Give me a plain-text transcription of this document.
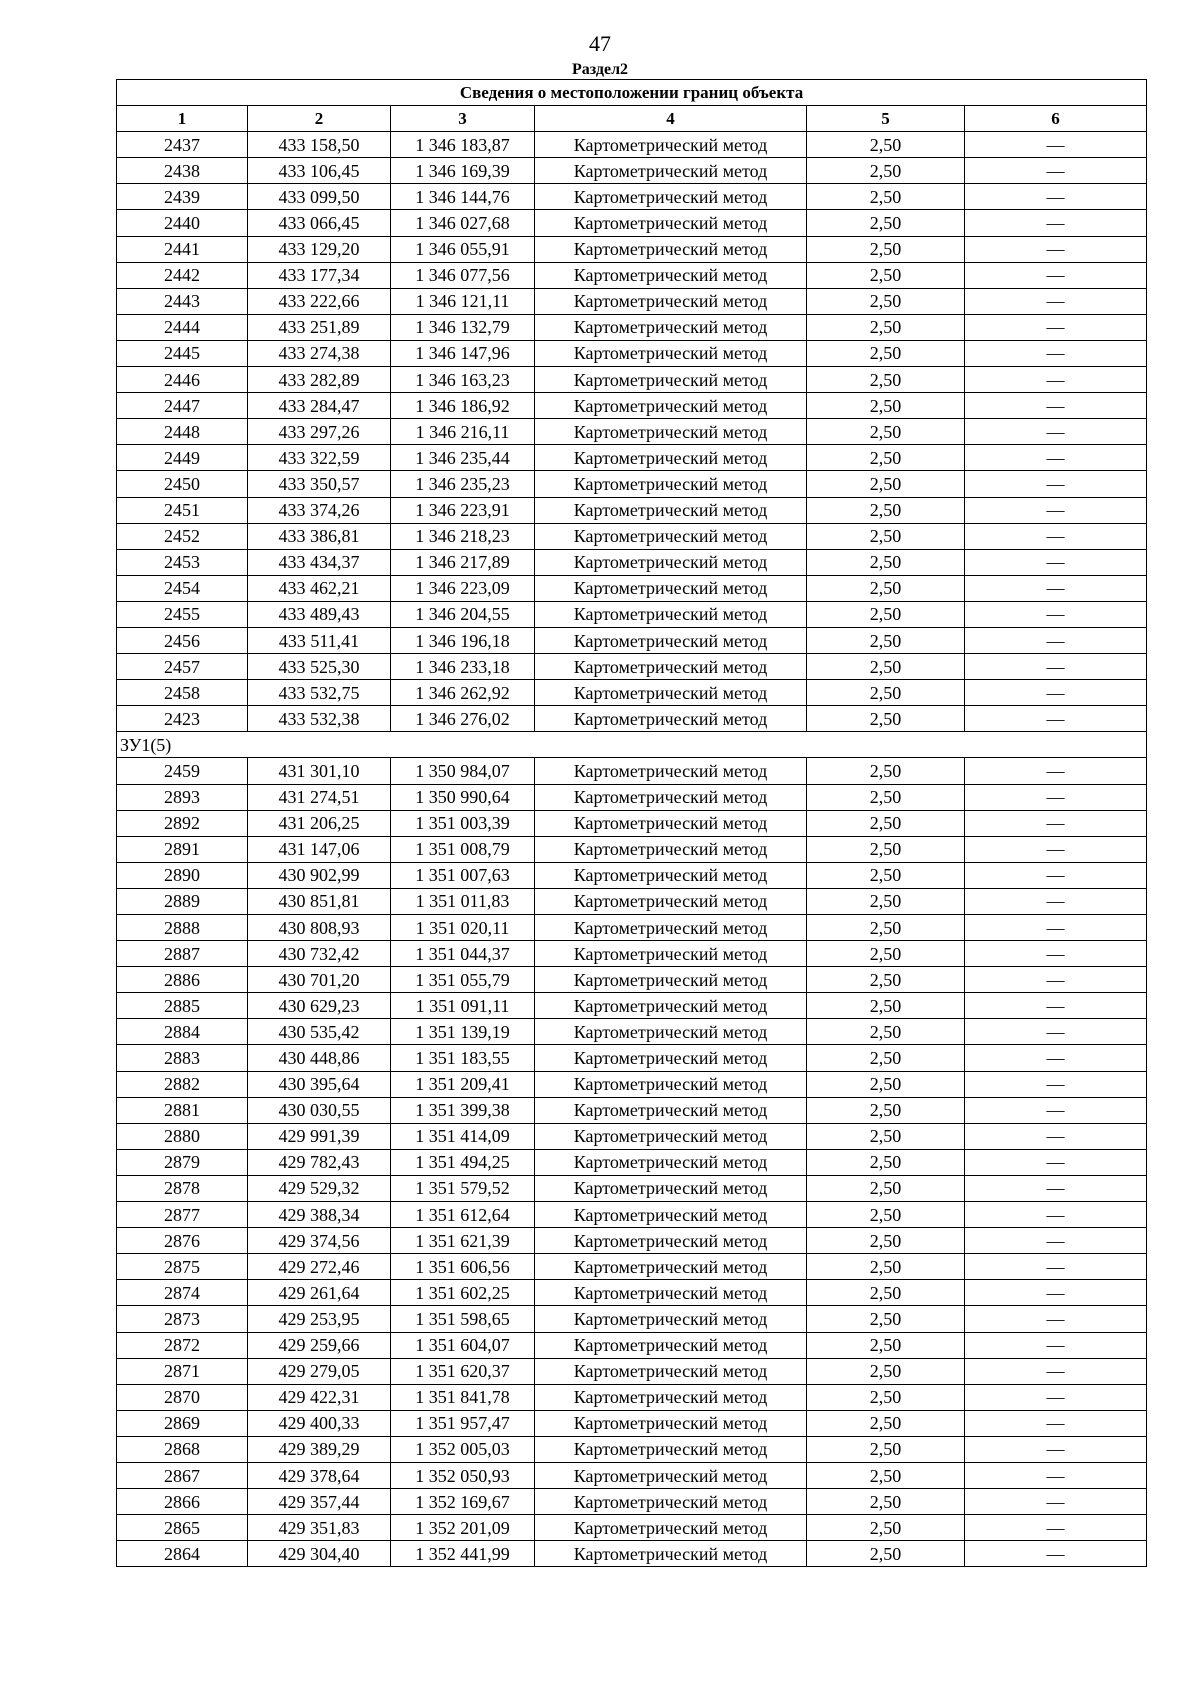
47
Раздел2
Сведения о местоположении границ объекта					
1	2	3	4	5	6
2437	433 158,50	1 346 183,87	Картометрический метод	2,50	—
2438	433 106,45	1 346 169,39	Картометрический метод	2,50	—
2439	433 099,50	1 346 144,76	Картометрический метод	2,50	—
2440	433 066,45	1 346 027,68	Картометрический метод	2,50	—
2441	433 129,20	1 346 055,91	Картометрический метод	2,50	—
2442	433 177,34	1 346 077,56	Картометрический метод	2,50	—
2443	433 222,66	1 346 121,11	Картометрический метод	2,50	—
2444	433 251,89	1 346 132,79	Картометрический метод	2,50	—
2445	433 274,38	1 346 147,96	Картометрический метод	2,50	—
2446	433 282,89	1 346 163,23	Картометрический метод	2,50	—
2447	433 284,47	1 346 186,92	Картометрический метод	2,50	—
2448	433 297,26	1 346 216,11	Картометрический метод	2,50	—
2449	433 322,59	1 346 235,44	Картометрический метод	2,50	—
2450	433 350,57	1 346 235,23	Картометрический метод	2,50	—
2451	433 374,26	1 346 223,91	Картометрический метод	2,50	—
2452	433 386,81	1 346 218,23	Картометрический метод	2,50	—
2453	433 434,37	1 346 217,89	Картометрический метод	2,50	—
2454	433 462,21	1 346 223,09	Картометрический метод	2,50	—
2455	433 489,43	1 346 204,55	Картометрический метод	2,50	—
2456	433 511,41	1 346 196,18	Картометрический метод	2,50	—
2457	433 525,30	1 346 233,18	Картометрический метод	2,50	—
2458	433 532,75	1 346 262,92	Картометрический метод	2,50	—
2423	433 532,38	1 346 276,02	Картометрический метод	2,50	—
ЗУ1(5)					
2459	431 301,10	1 350 984,07	Картометрический метод	2,50	—
2893	431 274,51	1 350 990,64	Картометрический метод	2,50	—
2892	431 206,25	1 351 003,39	Картометрический метод	2,50	—
2891	431 147,06	1 351 008,79	Картометрический метод	2,50	—
2890	430 902,99	1 351 007,63	Картометрический метод	2,50	—
2889	430 851,81	1 351 011,83	Картометрический метод	2,50	—
2888	430 808,93	1 351 020,11	Картометрический метод	2,50	—
2887	430 732,42	1 351 044,37	Картометрический метод	2,50	—
2886	430 701,20	1 351 055,79	Картометрический метод	2,50	—
2885	430 629,23	1 351 091,11	Картометрический метод	2,50	—
2884	430 535,42	1 351 139,19	Картометрический метод	2,50	—
2883	430 448,86	1 351 183,55	Картометрический метод	2,50	—
2882	430 395,64	1 351 209,41	Картометрический метод	2,50	—
2881	430 030,55	1 351 399,38	Картометрический метод	2,50	—
2880	429 991,39	1 351 414,09	Картометрический метод	2,50	—
2879	429 782,43	1 351 494,25	Картометрический метод	2,50	—
2878	429 529,32	1 351 579,52	Картометрический метод	2,50	—
2877	429 388,34	1 351 612,64	Картометрический метод	2,50	—
2876	429 374,56	1 351 621,39	Картометрический метод	2,50	—
2875	429 272,46	1 351 606,56	Картометрический метод	2,50	—
2874	429 261,64	1 351 602,25	Картометрический метод	2,50	—
2873	429 253,95	1 351 598,65	Картометрический метод	2,50	—
2872	429 259,66	1 351 604,07	Картометрический метод	2,50	—
2871	429 279,05	1 351 620,37	Картометрический метод	2,50	—
2870	429 422,31	1 351 841,78	Картометрический метод	2,50	—
2869	429 400,33	1 351 957,47	Картометрический метод	2,50	—
2868	429 389,29	1 352 005,03	Картометрический метод	2,50	—
2867	429 378,64	1 352 050,93	Картометрический метод	2,50	—
2866	429 357,44	1 352 169,67	Картометрический метод	2,50	—
2865	429 351,83	1 352 201,09	Картометрический метод	2,50	—
2864	429 304,40	1 352 441,99	Картометрический метод	2,50	—
